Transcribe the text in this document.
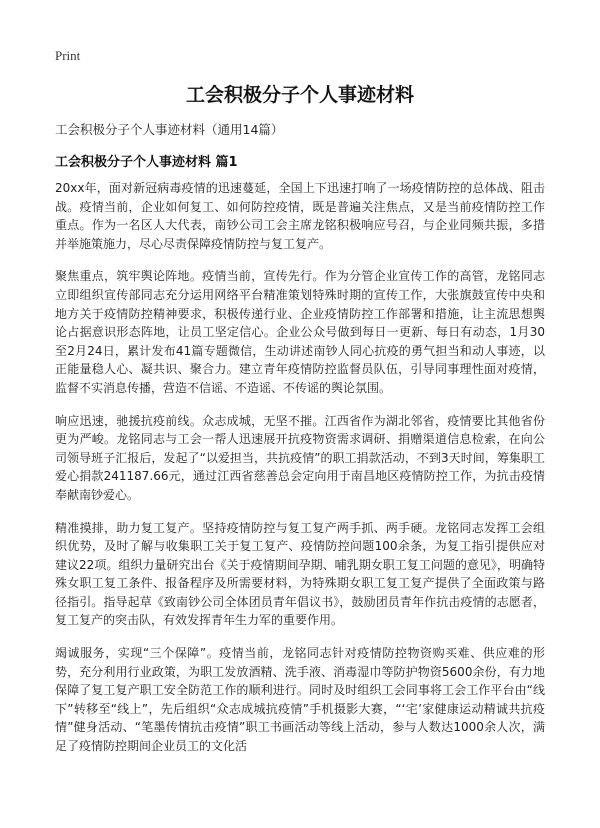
Print
工会积极分子个人事迹材料

工会积极分子个人事迹材料（通用14篇）

工会积极分子个人事迹材料 篇1

20xx年，面对新冠病毒疫情的迅速蔓延，全国上下迅速打响了一场疫情防控的总体战、阻击战。疫情当前，企业如何复工、如何防控疫情，既是普遍关注焦点，又是当前疫情防控工作重点。作为一名区人大代表，南钞公司工会主席龙铭积极响应号召，与企业同频共振，多措并举施策施力，尽心尽责保障疫情防控与复工复产。

聚焦重点，筑牢舆论阵地。疫情当前，宣传先行。作为分管企业宣传工作的高管，龙铭同志立即组织宣传部同志充分运用网络平台精准策划特殊时期的宣传工作，大张旗鼓宣传中央和地方关于疫情防控精神要求，积极传递行业、企业疫情防控工作部署和措施，让主流思想舆论占据意识形态阵地，让员工坚定信心。企业公众号做到每日一更新、每日有动态，1月30至2月24日，累计发布41篇专题微信，生动讲述南钞人同心抗疫的勇气担当和动人事迹，以正能量稳人心、凝共识、聚合力。建立青年疫情防控监督员队伍，引导同事理性面对疫情，监督不实消息传播，营造不信谣、不造谣、不传谣的舆论氛围。

响应迅速，驰援抗疫前线。众志成城，无坚不摧。江西省作为湖北邻省，疫情要比其他省份更为严峻。龙铭同志与工会一帮人迅速展开抗疫物资需求调研、捐赠渠道信息检索，在向公司领导班子汇报后，发起了“以爱担当，共抗疫情”的职工捐款活动，不到3天时间，筹集职工爱心捐款241187.66元，通过江西省慈善总会定向用于南昌地区疫情防控工作，为抗击疫情奉献南钞爱心。

精准摸排，助力复工复产。坚持疫情防控与复工复产两手抓、两手硬。龙铭同志发挥工会组织优势，及时了解与收集职工关于复工复产、疫情防控问题100余条，为复工指引提供应对建议22项。组织力量研究出台《关于疫情期间孕期、哺乳期女职工复工问题的意见》，明确特殊女职工复工条件、报备程序及所需要材料，为特殊期女职工复工复产提供了全面政策与路径指引。指导起草《致南钞公司全体团员青年倡议书》，鼓励团员青年作抗击疫情的志愿者，复工复产的突击队，有效发挥青年生力军的重要作用。

竭诚服务，实现“三个保障”。疫情当前，龙铭同志针对疫情防控物资购买难、供应难的形势，充分利用行业政策，为职工发放酒精、洗手液、消毒湿巾等防护物资5600余份，有力地保障了复工复产职工安全防范工作的顺利进行。同时及时组织工会同事将工会工作平台由“线下”转移至“线上”，先后组织“众志成城抗疫情”手机摄影大赛，“‘宅’家健康运动精诚共抗疫情”健身活动、“笔墨传情抗击疫情”职工书画活动等线上活动，参与人数达1000余人次，满足了疫情防控期间企业员工的文化活
